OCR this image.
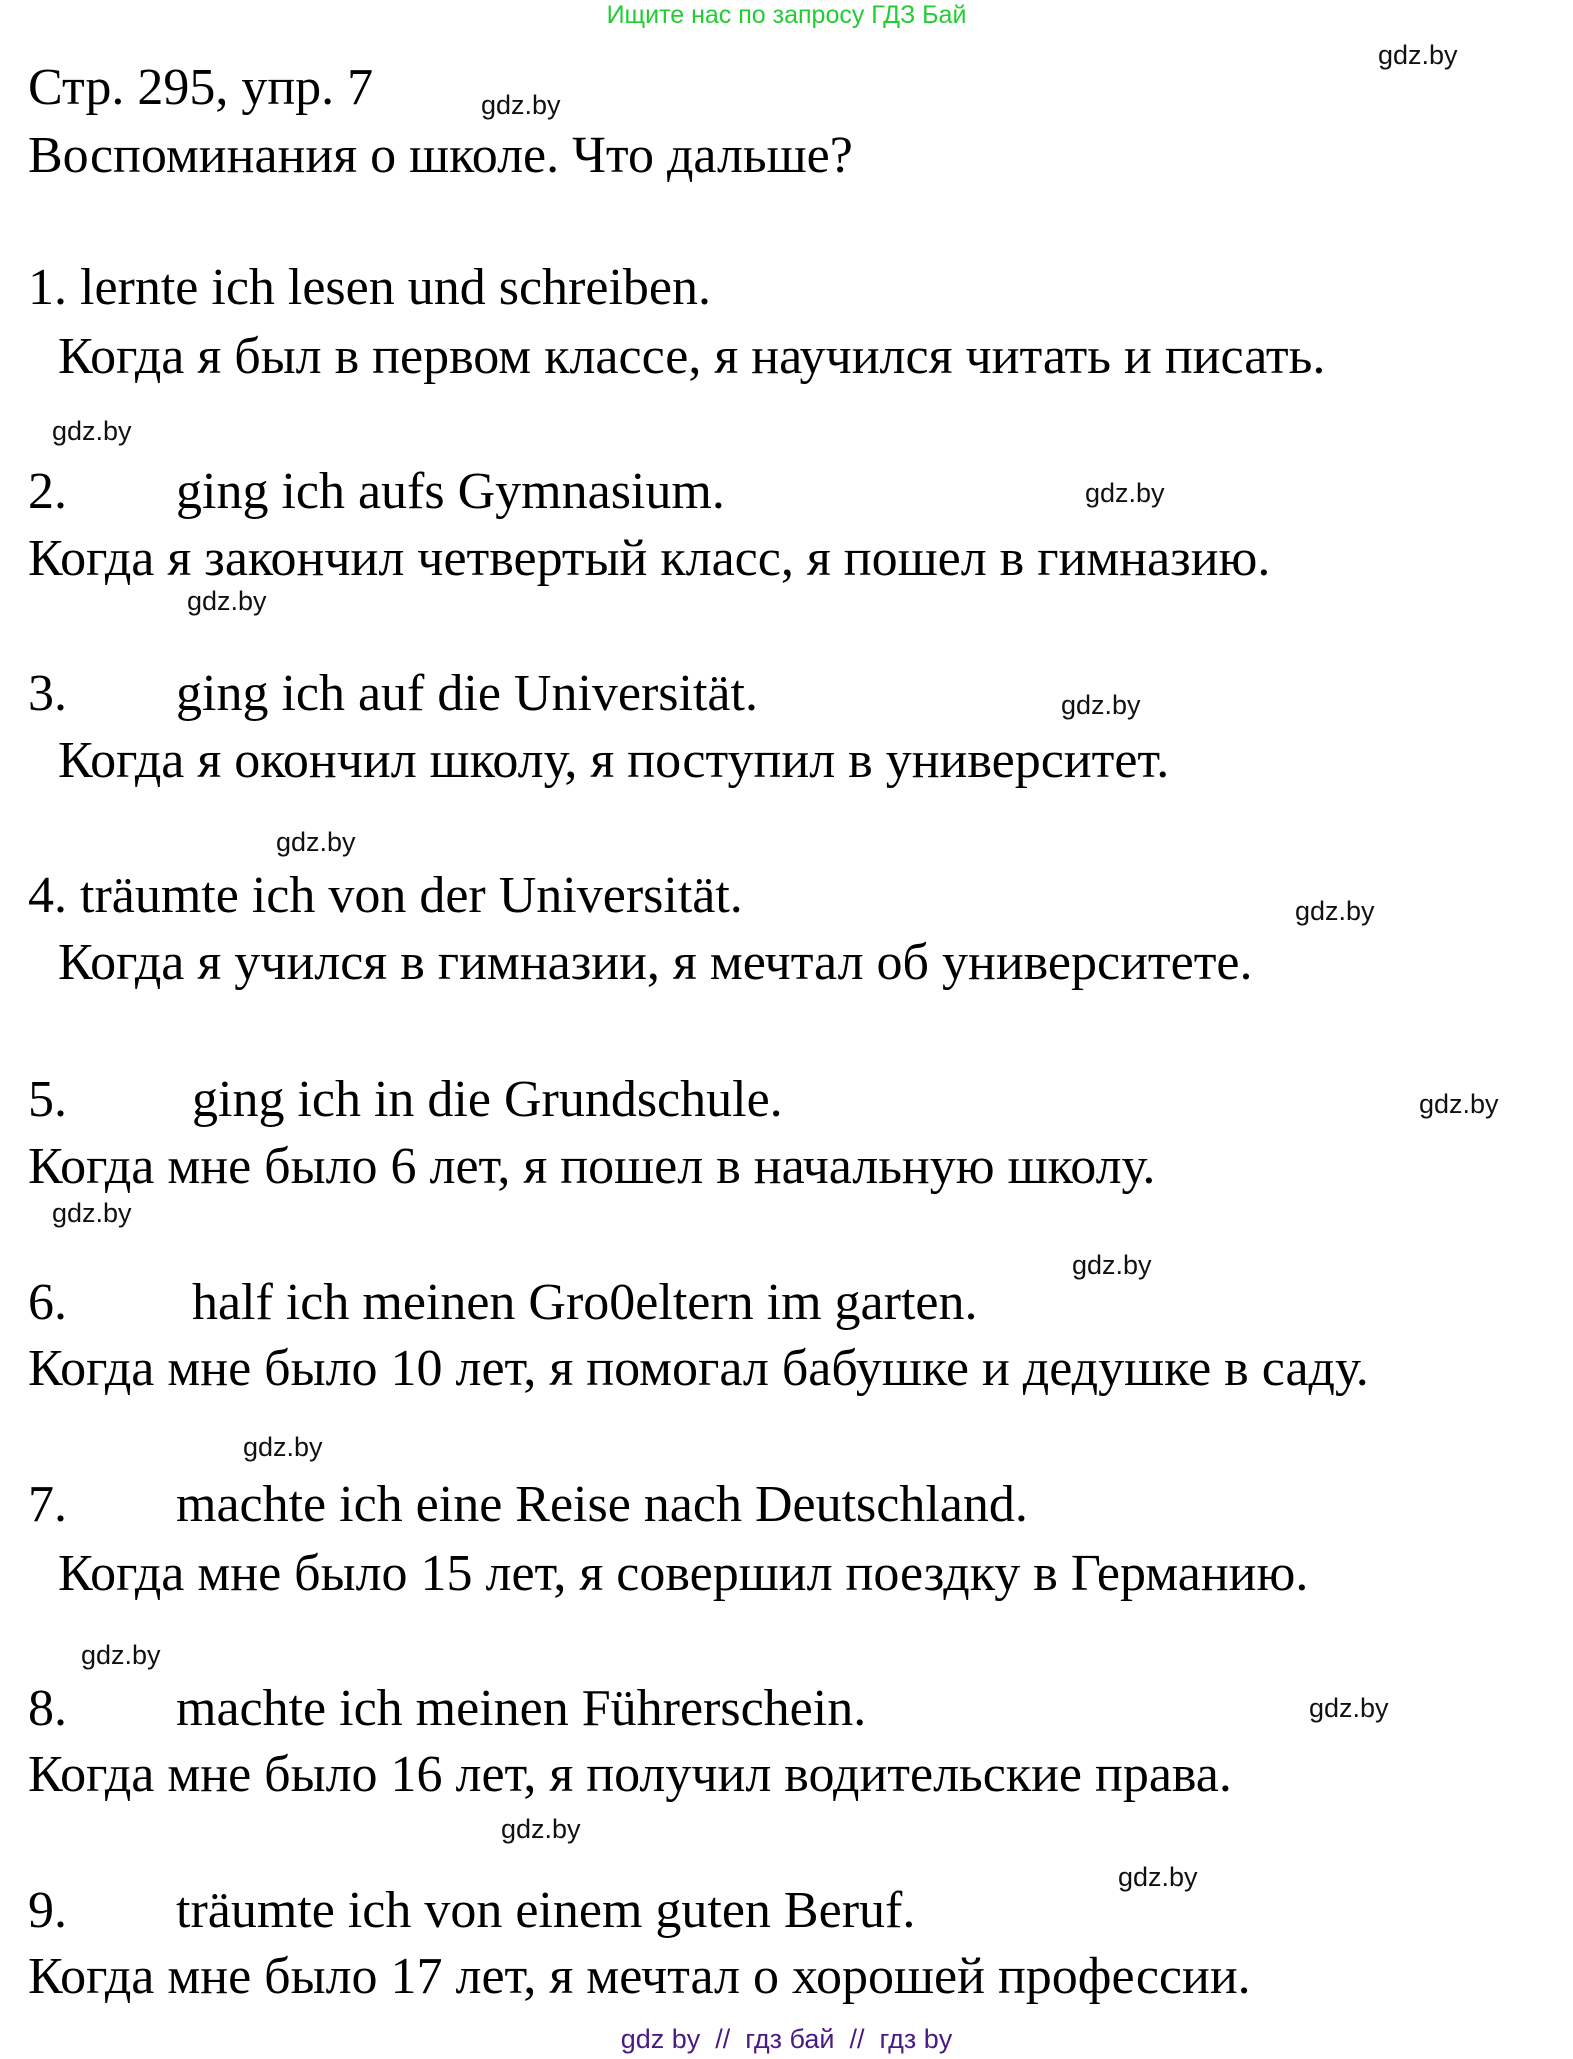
Ищите нас по запросу ГДЗ Бай
Стр. 295, упр. 7
Воспоминания о школе. Что дальше?
1. lernte ich lesen und schreiben.
Когда я был в первом классе, я научился читать и писать.
2. ging ich aufs Gymnasium.
Когда я закончил четвертый класс, я пошел в гимназию.
3. ging ich auf die Universität.
Когда я окончил школу, я поступил в университет.
4. träumte ich von der Universität.
Когда я учился в гимназии, я мечтал об университете.
5. ging ich in die Grundschule.
Когда мне было 6 лет, я пошел в начальную школу.
6. half ich meinen Gro0eltern im garten.
Когда мне было 10 лет, я помогал бабушке и дедушке в саду.
7. machte ich eine Reise nach Deutschland.
Когда мне было 15 лет, я совершил поездку в Германию.
8. machte ich meinen Führerschein.
Когда мне было 16 лет, я получил водительские права.
9. träumte ich von einem guten Beruf.
Когда мне было 17 лет, я мечтал о хорошей профессии.
gdz.by
gdz.by
gdz.by
gdz.by
gdz.by
gdz.by
gdz.by
gdz.by
gdz.by
gdz.by
gdz.by
gdz.by
gdz.by
gdz.by
gdz.by
gdz.by
gdz by  //  гдз бай  //  гдз by
